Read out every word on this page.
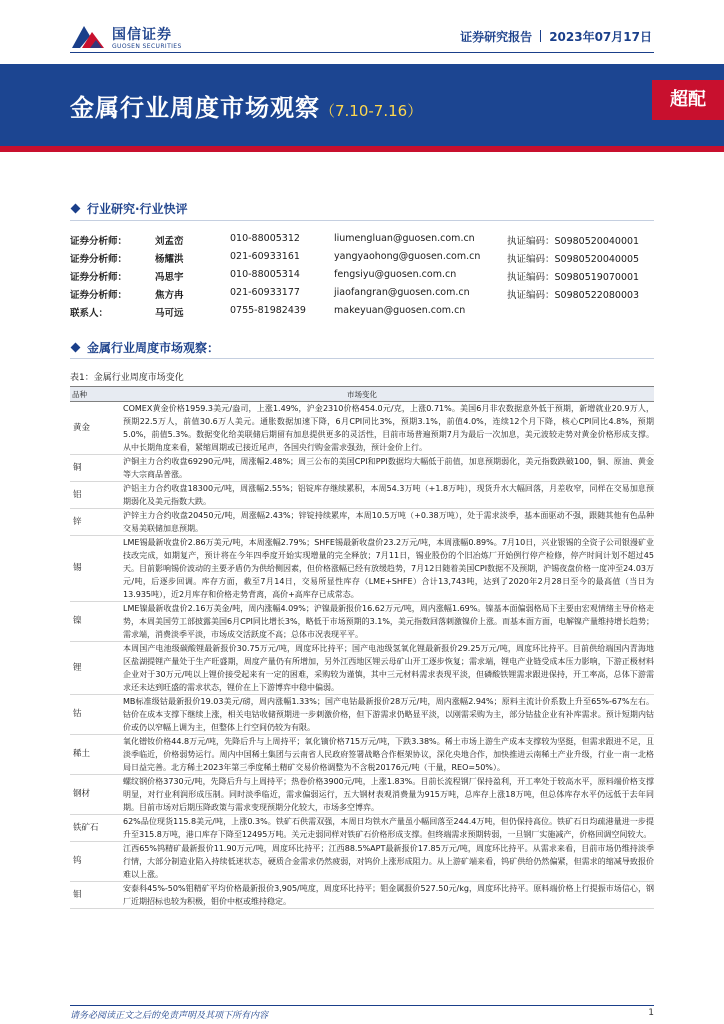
国信证券
GUOSEN SECURITIES
证券研究报告 2023年07月17日
金属行业周度市场观察（7.10-7.16）
超配
行业研究·行业快评
证券分析师：	刘孟峦	010-88005312	liumengluan@guosen.com.cn	执证编码：S0980520040001
证券分析师：	杨耀洪	021-60933161	yangyaohong@guosen.com.cn	执证编码：S0980520040005
证券分析师：	冯思宇	010-88005314	fengsiyu@guosen.com.cn	执证编码：S0980519070001
证券分析师：	焦方冉	021-60933177	jiaofangran@guosen.com.cn	执证编码：S0980522080003
联系人：	马可远	0755-81982439	makeyuan@guosen.com.cn
金属行业周度市场观察：
表1：金属行业周度市场变化
品种	市场变化
黄金
COMEX黄金价格1959.3美元/盎司，上涨1.49%，沪金2310价格454.0元/克，上涨0.71%。美国6月非农数据意外低于预期，新增就业20.9万人，预期22.5万人，前值30.6万人美元。通胀数据加速下降，6月CPI同比3%，预期3.1%，前值4.0%，连续12个月下降，核心CPI同比4.8%，预期5.0%，前值5.3%。数据变化给美联储后期留有加息提供更多的灵活性，目前市场普遍预期7月为最后一次加息，美元波较走势对黄金价格形成支撑。从中长期角度来看，紧缩周期或已接近尾声，各国央行购金需求强劲，预计金价上行。
铜
沪铜主力合约收盘69290元/吨，周涨幅2.48%；周三公布的美国CPI和PPI数据均大幅低于前值，加息预期弱化，美元指数跌破100，铜、原油、黄金等大宗商品普涨。
铝
沪铝主力合约收盘18300元/吨，周涨幅2.55%；铝锭库存继续累积，本周54.3万吨（+1.8万吨），现货升水大幅回落，月差收窄，同样在交易加息预期弱化及美元指数大跌。
锌
沪锌主力合约收盘20450元/吨，周涨幅2.43%；锌锭持续累库，本周10.5万吨（+0.38万吨），处于需求淡季，基本面驱动不强，跟随其他有色品种交易美联储加息预期。
锡
LME锡最新收盘价2.86万美元/吨，本周涨幅2.79%；SHFE锡最新收盘价23.2万元/吨，本周涨幅0.89%。7月10日，兴业银锡的全资子公司银漫矿业技改完成，如期复产，预计将在今年四季度开始实现增量的完全释放；7月11日，锡业股份的个旧冶炼厂开始例行停产检修，停产时间计划不超过45天。目前影响锡价波动的主要矛盾仍为供给侧因素，但价格涨幅已经有放缓趋势，7月12日随着美国CPI数据不及预期，沪锡夜盘价格一度冲至24.03万元/吨，后逐步回调。库存方面，截至7月14日，交易所显性库存（LME+SHFE）合计13,743吨，达到了2020年2月28日至今的最高值（当日为13.935吨），近2月库存和价格走势背离，高价+高库存已成常态。
镍
LME镍最新收盘价2.16万美金/吨，周内涨幅4.09%；沪镍最新报价16.62万元/吨，周内涨幅1.69%。镍基本面偏弱格局下主要由宏观情绪主导价格走势，本周美国劳工部披露美国6月CPI同比增长3%，略低于市场预期的3.1%，美元指数回落刺激镍价上涨。而基本面方面，电解镍产量维持增长趋势；需求端，消费淡季平淡，市场成交活跃度不高；总体市况表现平平。
锂
本周国产电池级碳酸锂最新报价30.75万元/吨，周度环比持平；国产电池级氢氧化锂最新报价29.25万元/吨，周度环比持平。目前供给端国内青海地区盐湖提锂产量处于生产旺盛期，周度产量仍有所增加，另外江西地区锂云母矿山开工逐步恢复；需求端，锂电产业链受成本压力影响，下游正极材料企业对于30万元/吨以上锂价接受起来有一定的困难，采购较为谨慎，其中三元材料需求表现平淡，但磷酸铁锂需求跟进保持，开工率高，总体下游需求还未达到旺盛的需求状态，锂价在上下游博弈中稳中偏弱。
钴
MB标准级钴最新报价19.03美元/磅，周内涨幅1.33%；国产电钴最新报价28万元/吨，周内涨幅2.94%；原料主流计价系数上升至65%-67%左右。钴价在成本支撑下继续上涨，相关电钴收储预期进一步刺激价格，但下游需求仍略显平淡，以刚需采购为主，部分钴盐企业有补库需求。预计短期内钴价或仍以窄幅上调为主，但整体上行空间仍较为有限。
稀土
氧化镨钕价格44.8万元/吨，先降后升与上周持平；氧化镝价格715万元/吨，下跌3.38%。稀土市场上游生产成本支撑较为坚挺，但需求跟进不足，且淡季临近，价格弱势运行。周内中国稀土集团与云南省人民政府签署战略合作框架协议，深化央地合作，加快推进云南稀土产业升级，行业一南一北格局日益完善。北方稀土2023年第三季度稀土精矿交易价格调整为不含税20176元/吨（干量，REO=50%）。
钢材
螺纹钢价格3730元/吨，先降后升与上周持平；热卷价格3900元/吨，上涨1.83%。目前长流程钢厂保持盈利，开工率处于较高水平，原料端价格支撑明显，对行业利润形成压制。同时淡季临近，需求偏弱运行，五大钢材表观消费量为915万吨，总库存上涨18万吨，但总体库存水平仍远低于去年同期。目前市场对后期压降政策与需求变现预期分化较大，市场多空博弈。
铁矿石
62%品位现货115.8美元/吨，上涨0.3%。铁矿石供需双强，本周日均铁水产量虽小幅回落至244.4万吨，但仍保持高位。铁矿石日均疏港量进一步提升至315.8万吨，港口库存下降至12495万吨。关元走弱同样对铁矿石价格形成支撑。但终端需求预期转弱，一旦钢厂实施减产，价格回调空间较大。
钨
江西65%钨精矿最新报价11.90万元/吨，周度环比持平；江西88.5%APT最新报价17.85万元/吨，周度环比持平。从需求来看，目前市场仍维持淡季行情，大部分制造业陷入持续低迷状态，硬质合金需求仍然疲弱，对钨价上涨形成阻力。从上游矿端来看，钨矿供给仍然偏紧，但需求的缩减导致报价难以上涨。
钼
安泰科45%-50%钼精矿平均价格最新报价3,905/吨度，周度环比持平；钼金属报价527.50元/kg，周度环比持平。原料端价格上行提振市场信心，钢厂近期招标也较为积极，钼价中枢或维持稳定。
请务必阅读正文之后的免责声明及其项下所有内容	1
